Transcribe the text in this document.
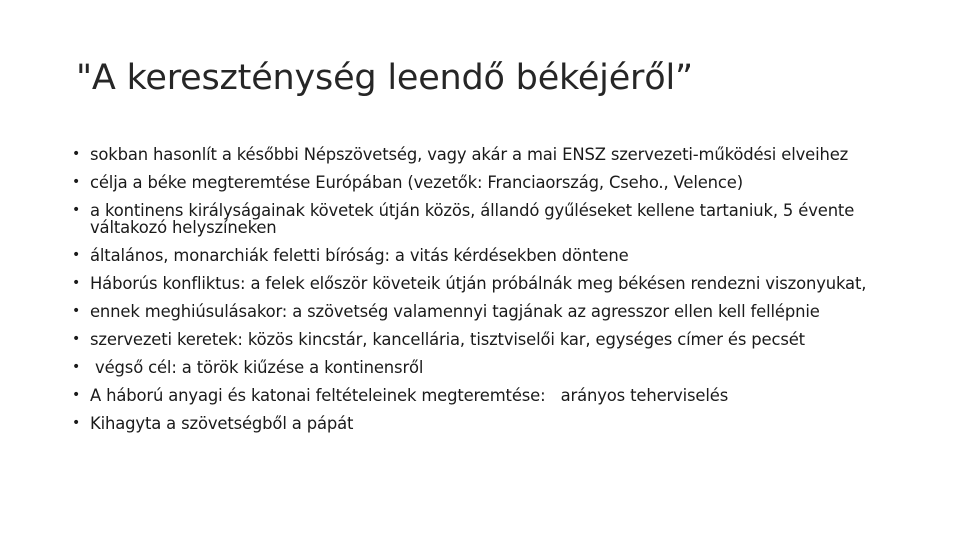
"A kereszténység leendő békéjéről”
• sokban hasonlít a későbbi Népszövetség, vagy akár a mai ENSZ szervezeti-működési elveihez
• célja a béke megteremtése Európában (vezetők: Franciaország, Cseho., Velence)
• a kontinens királyságainak követek útján közös, állandó gyűléseket kellene tartaniuk, 5 évente váltakozó helyszíneken
• általános, monarchiák feletti bíróság: a vitás kérdésekben döntene
• Háborús konfliktus: a felek először követeik útján próbálnák meg békésen rendezni viszonyukat,
• ennek meghiúsulásakor: a szövetség valamennyi tagjának az agresszor ellen kell fellépnie
• szervezeti keretek: közös kincstár, kancellária, tisztviselői kar, egységes címer és pecsét
• végső cél: a török kiűzése a kontinensről
• A háború anyagi és katonai feltételeinek megteremtése:   arányos teherviselés
• Kihagyta a szövetségből a pápát
